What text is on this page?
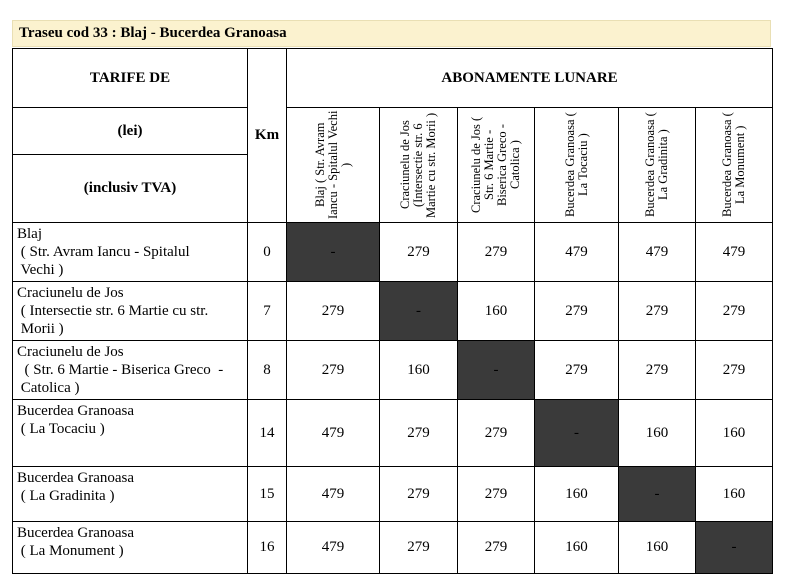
Traseu cod 33 : Blaj - Bucerdea Granoasa
TARIFE DE	Km	ABONAMENTE LUNARE					
(lei)		Blaj ( Str. Avram Iancu - Spitalul Vechi )	Craciunelu de Jos (Intersectie str. 6 Martie cu str. Morii )	Craciunelu de Jos ( Str. 6 Martie - Biserica Greco - Catolica )	Bucerdea Granoasa ( La Tocaciu )	Bucerdea Granoasa ( La Gradinita )	Bucerdea Granoasa ( La Monument )

(inclusiv TVA)							

Blaj
( Str. Avram Iancu - Spitalul
Vechi )	0	-	279	279	479	479	479

Craciunelu de Jos
( Intersectie str. 6 Martie cu str.
Morii )	7	279	-	160	279	279	279

Craciunelu de Jos
( Str. 6 Martie - Biserica Greco  -
Catolica )	8	279	160	-	279	279	279

Bucerdea Granoasa
( La Tocaciu )	14	479	279	279	-	160	160

Bucerdea Granoasa
( La Gradinita )	15	479	279	279	160	-	160

Bucerdea Granoasa
( La Monument )	16	479	279	279	160	160	-
